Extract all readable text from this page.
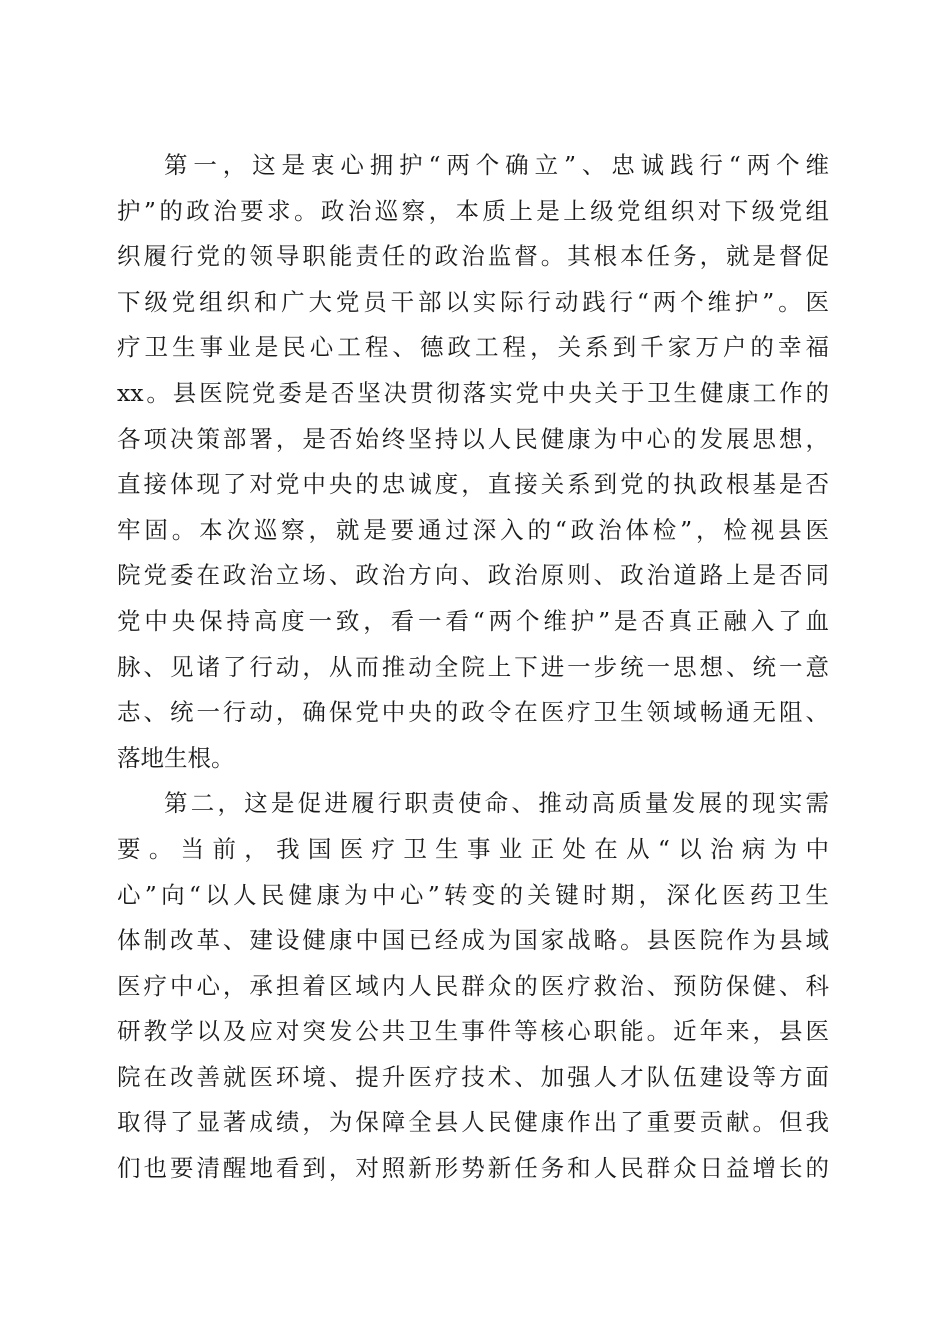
第一，这是衷心拥护“两个确立”、忠诚践行“两个维
护”的政治要求。政治巡察，本质上是上级党组织对下级党组
织履行党的领导职能责任的政治监督。其根本任务，就是督促
下级党组织和广大党员干部以实际行动践行“两个维护”。医
疗卫生事业是民心工程、德政工程，关系到千家万户的幸福
xx。县医院党委是否坚决贯彻落实党中央关于卫生健康工作的
各项决策部署，是否始终坚持以人民健康为中心的发展思想，
直接体现了对党中央的忠诚度，直接关系到党的执政根基是否
牢固。本次巡察，就是要通过深入的“政治体检”，检视县医
院党委在政治立场、政治方向、政治原则、政治道路上是否同
党中央保持高度一致，看一看“两个维护”是否真正融入了血
脉、见诸了行动，从而推动全院上下进一步统一思想、统一意
志、统一行动，确保党中央的政令在医疗卫生领域畅通无阻、
落地生根。
第二，这是促进履行职责使命、推动高质量发展的现实需
要。当前，我国医疗卫生事业正处在从“以治病为中
心”向“以人民健康为中心”转变的关键时期，深化医药卫生
体制改革、建设健康中国已经成为国家战略。县医院作为县域
医疗中心，承担着区域内人民群众的医疗救治、预防保健、科
研教学以及应对突发公共卫生事件等核心职能。近年来，县医
院在改善就医环境、提升医疗技术、加强人才队伍建设等方面
取得了显著成绩，为保障全县人民健康作出了重要贡献。但我
们也要清醒地看到，对照新形势新任务和人民群众日益增长的
